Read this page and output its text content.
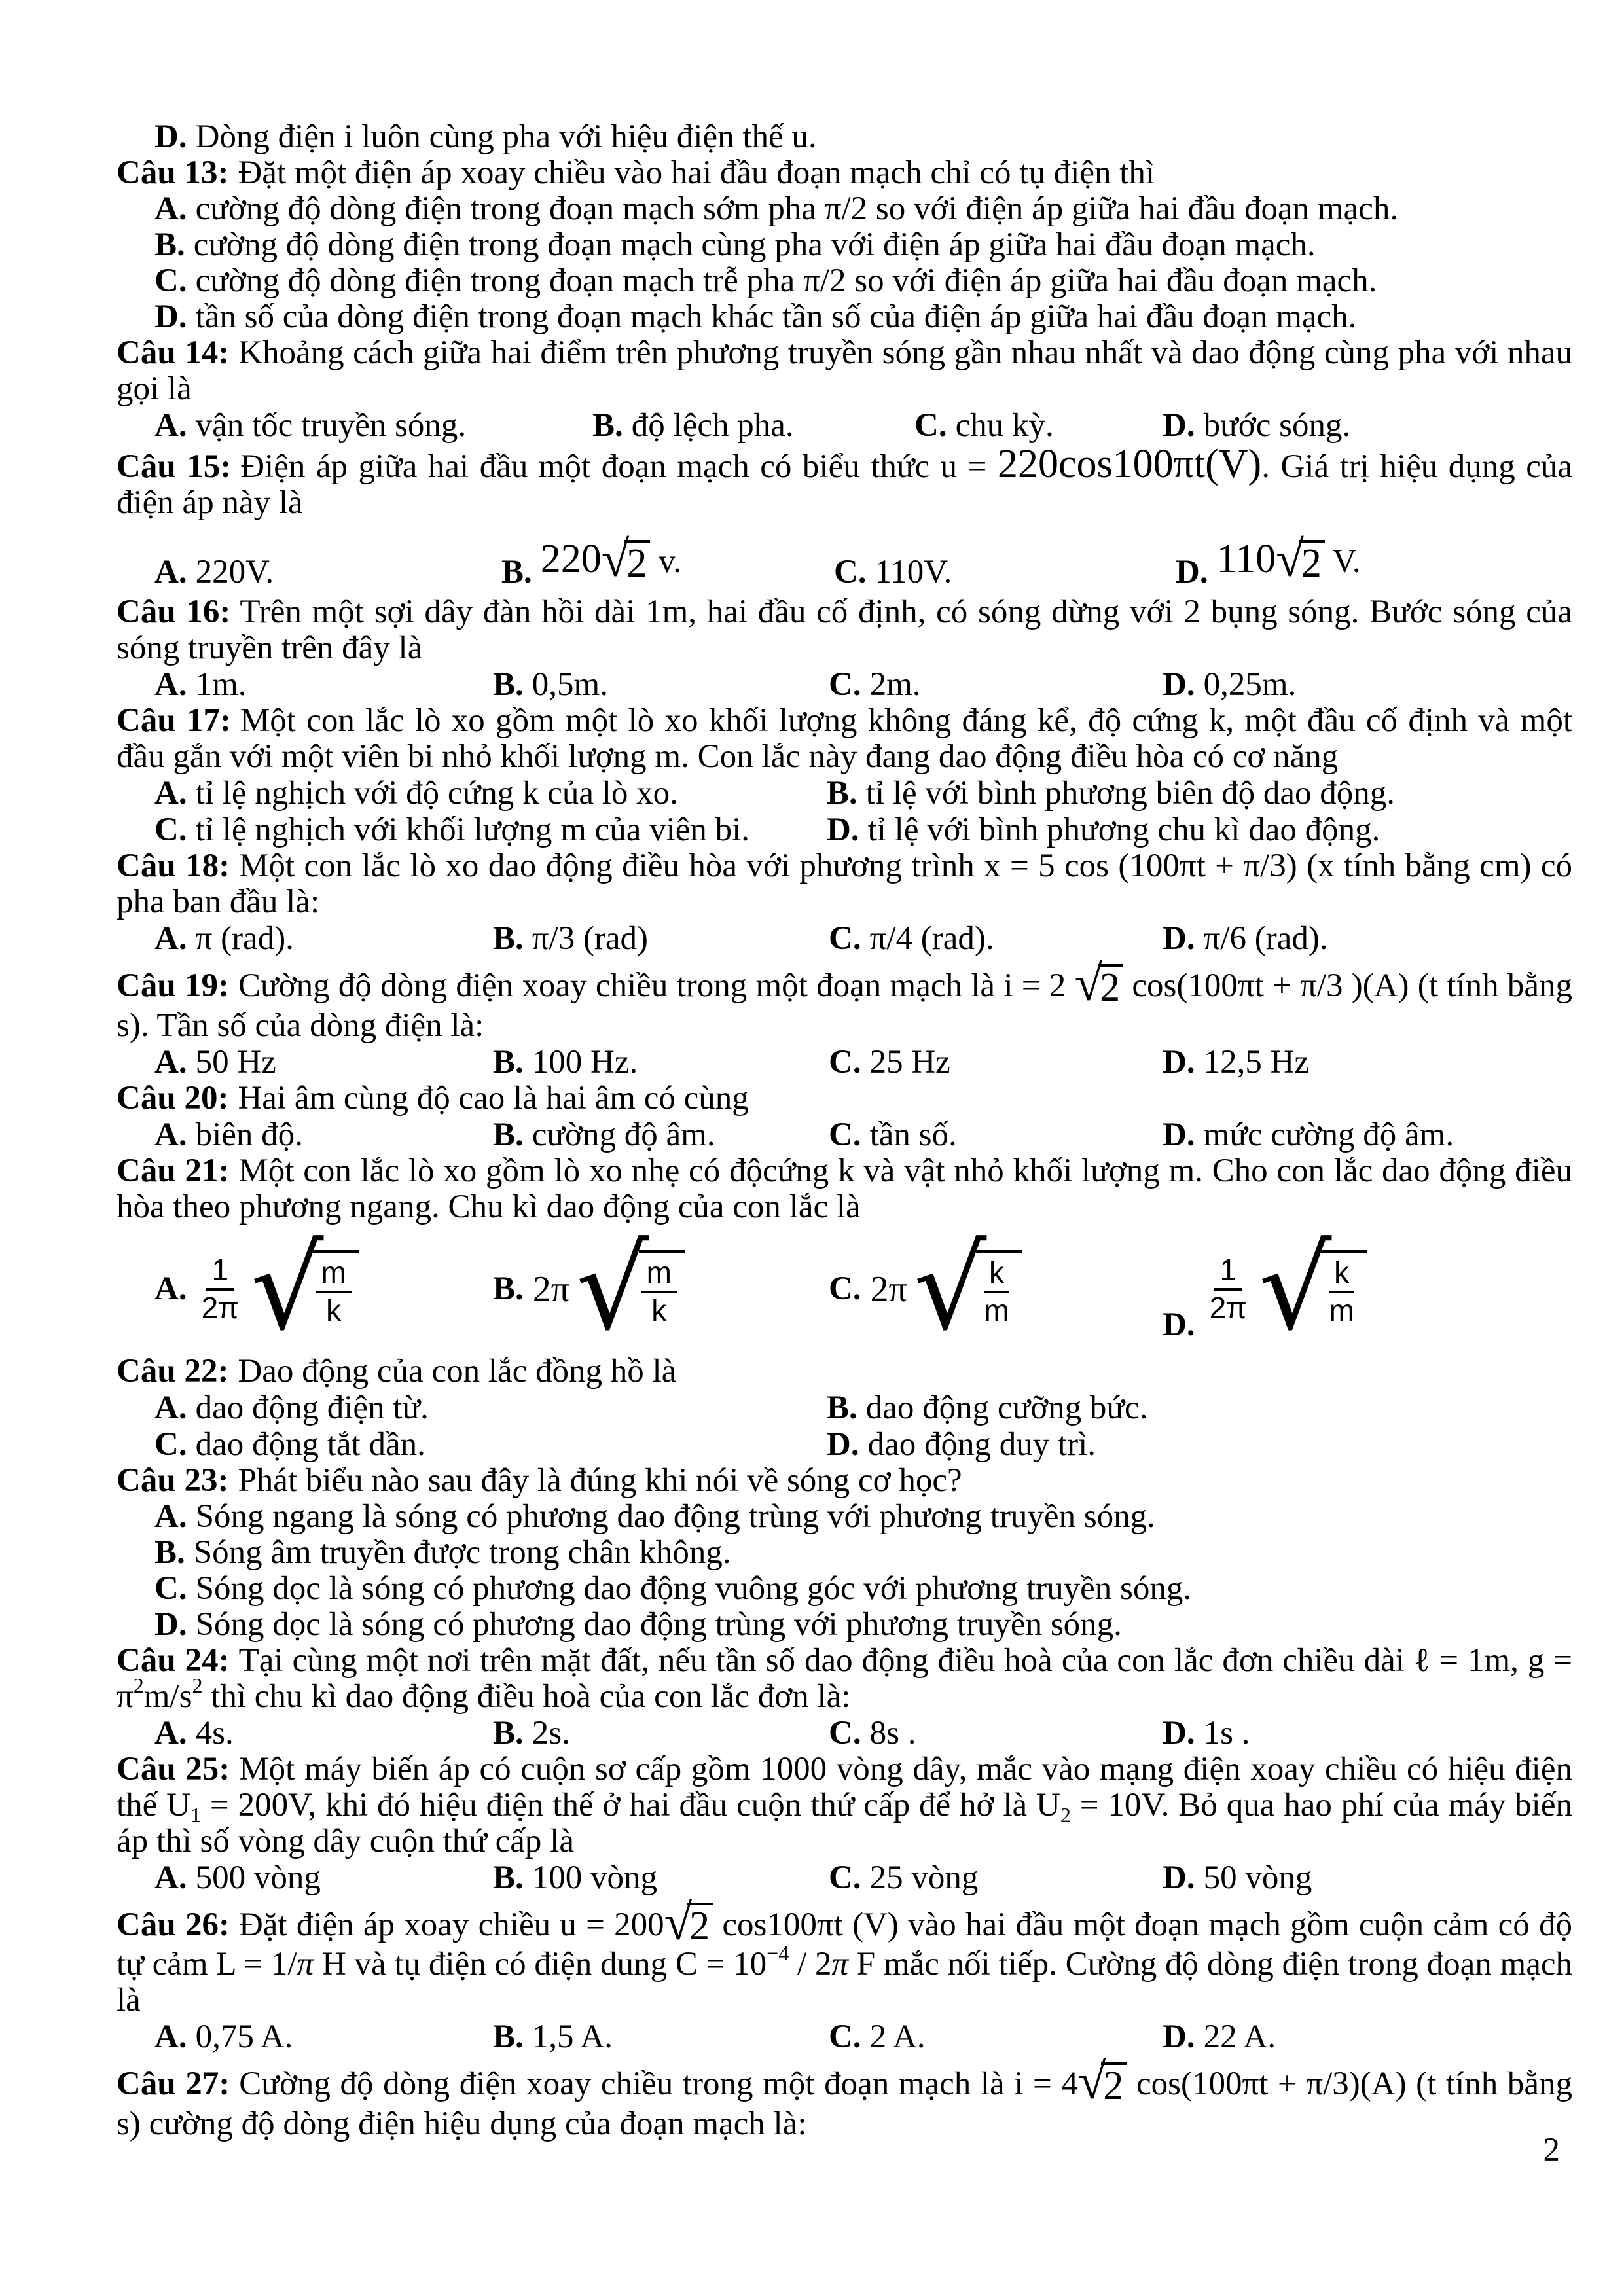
D. Dòng điện i luôn cùng pha với hiệu điện thế u.
Câu 13: Đặt một điện áp xoay chiều vào hai đầu đoạn mạch chỉ có tụ điện thì
A. cường độ dòng điện trong đoạn mạch sớm pha π/2 so với điện áp giữa hai đầu đoạn mạch.
B. cường độ dòng điện trong đoạn mạch cùng pha với điện áp giữa hai đầu đoạn mạch.
C. cường độ dòng điện trong đoạn mạch trễ pha π/2 so với điện áp giữa hai đầu đoạn mạch.
D. tần số của dòng điện trong đoạn mạch khác tần số của điện áp giữa hai đầu đoạn mạch.
Câu 14: Khoảng cách giữa hai điểm trên phương truyền sóng gần nhau nhất và dao động cùng pha với nhau gọi là
A. vận tốc truyền sóng.	B. độ lệch pha.	C. chu kỳ.	D. bước sóng.
Câu 15: Điện áp giữa hai đầu một đoạn mạch có biểu thức u = 220cos100πt(V). Giá trị hiệu dụng của điện áp này là
A. 220V.	B. 220 √
2 v.	C. 110V.	D. 110 √
2 V.
Câu 16: Trên một sợi dây đàn hồi dài 1m, hai đầu cố định, có sóng dừng với 2 bụng sóng. Bước sóng của sóng truyền trên đây là
A. 1m.	B. 0,5m.	C. 2m.	D. 0,25m.
Câu 17: Một con lắc lò xo gồm một lò xo khối lượng không đáng kể, độ cứng k, một đầu cố định và một đầu gắn với một viên bi nhỏ khối lượng m. Con lắc này đang dao động điều hòa có cơ năng
A. tỉ lệ nghịch với độ cứng k của lò xo.	B. tỉ lệ với bình phương biên độ dao động.
C. tỉ lệ nghịch với khối lượng m của viên bi. D. tỉ lệ với bình phương chu kì dao động.
Câu 18: Một con lắc lò xo dao động điều hòa với phương trình x = 5 cos (100πt + π/3) (x tính bằng cm) có pha ban đầu là:
A. π (rad).	B. π/3 (rad)	C. π/4 (rad).	D. π/6 (rad).
Câu 19: Cường độ dòng điện xoay chiều trong một đoạn mạch là i = 2 √
2 cos(100πt + π/3 )(A) (t tính bằng s). Tần số của dòng điện là:
A. 50 Hz	B. 100 Hz.	C. 25 Hz	D. 12,5 Hz
Câu 20: Hai âm cùng độ cao là hai âm có cùng
A. biên độ.	B. cường độ âm.	C. tần số.	D. mức cường độ âm.
Câu 21: Một con lắc lò xo gồm lò xo nhẹ có độcứng k và vật nhỏ khối lượng m. Cho con lắc dao động điều hòa theo phương ngang. Chu kì dao động của con lắc là
A. $\frac{1}{2\pi}$ √
$\frac{m}{k}$	B. 2π √
$\frac{m}{k}$	C. 2π √
$\frac{k}{m}$	D.
$\frac{1}{2\pi}$ √
$\frac{k}{m}$
Câu 22: Dao động của con lắc đồng hồ là
A. dao động điện từ.	B. dao động cưỡng bức.
C. dao động tắt dần.	D. dao động duy trì.
Câu 23: Phát biểu nào sau đây là đúng khi nói về sóng cơ học?
A. Sóng ngang là sóng có phương dao động trùng với phương truyền sóng.
B. Sóng âm truyền được trong chân không.
C. Sóng dọc là sóng có phương dao động vuông góc với phương truyền sóng.
D. Sóng dọc là sóng có phương dao động trùng với phương truyền sóng.
Câu 24: Tại cùng một nơi trên mặt đất, nếu tần số dao động điều hoà của con lắc đơn chiều dài ℓ = 1m, $g = \pi^2m/s^2$ thì chu kì dao động điều hoà của con lắc đơn là:
A. 4s.	B. 2s.	C. 8s .	D. 1s .
Câu 25: Một máy biến áp có cuộn sơ cấp gồm 1000 vòng dây, mắc vào mạng điện xoay chiều có hiệu điện thế $U_1 = 200V$, khi đó hiệu điện thế ở hai đầu cuộn thứ cấp để hở là $U_2 = 10V$. Bỏ qua hao phí của máy biến áp thì số vòng dây cuộn thứ cấp là
A. 500 vòng	B. 100 vòng	C. 25 vòng	D. 50 vòng
Câu 26: Đặt điện áp xoay chiều u = 200 √
2 cos100πt (V) vào hai đầu một đoạn mạch gồm cuộn cảm có độ tự cảm L = 1/π H và tụ điện có điện dung $C = 10^{-4} / 2\pi$ F mắc nối tiếp. Cường độ dòng điện trong đoạn mạch là
A. 0,75 A.	B. 1,5 A.	C. 2 A.	D. 22 A.
Câu 27: Cường độ dòng điện xoay chiều trong một đoạn mạch là i = 4 √
2 cos(100πt + π/3)(A) (t tính bằng s) cường độ dòng điện hiệu dụng của đoạn mạch là:
2
